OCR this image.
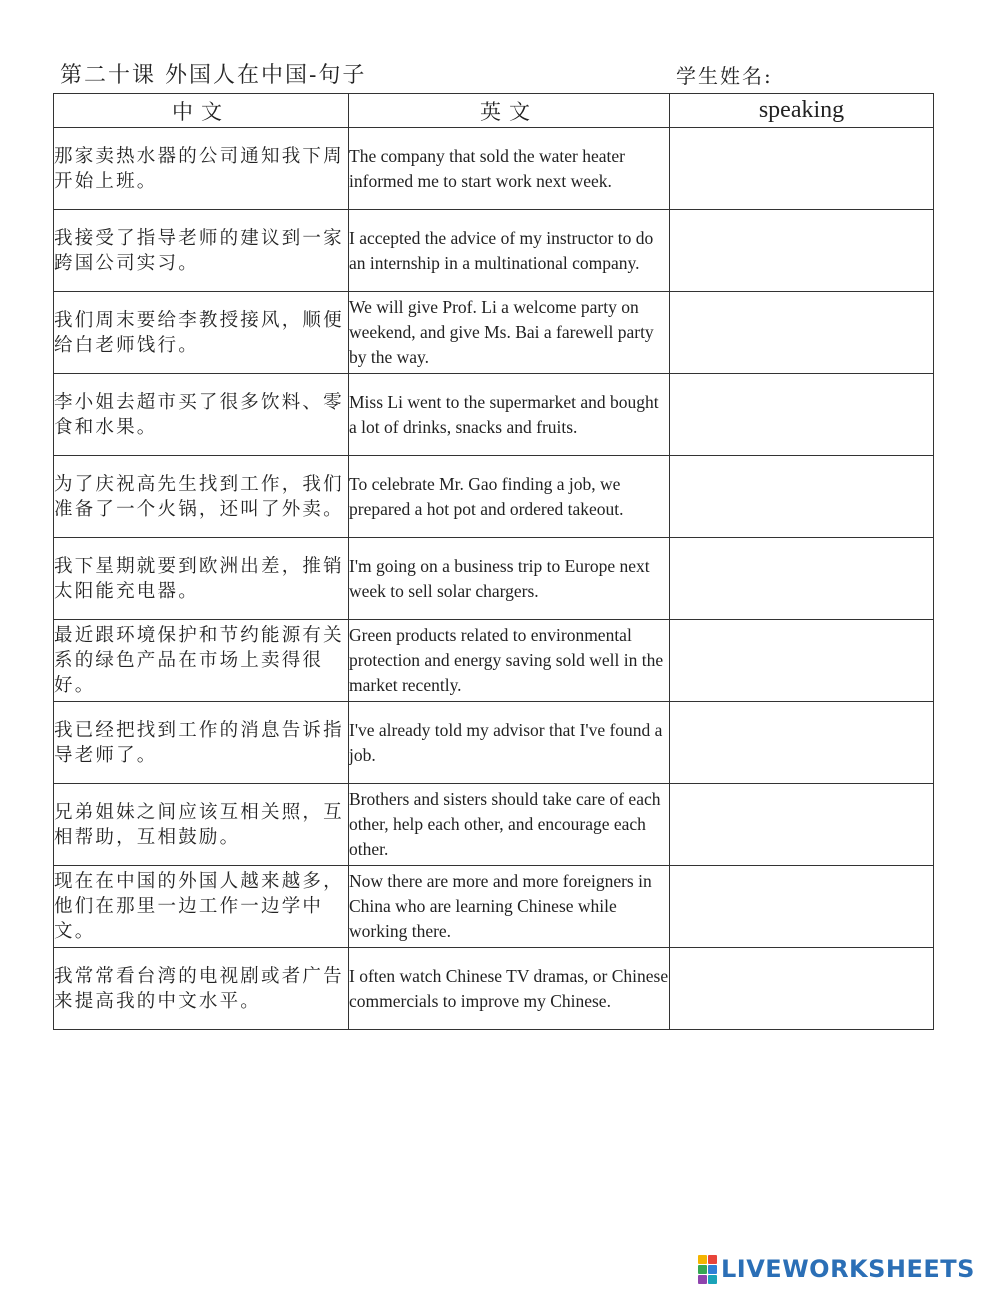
第二十课 外国人在中国-句子	学生姓名:
中文	英文	speaking
那家卖热水器的公司通知我下周开始上班。	The company that sold the water heater informed me to start work next week.	
我接受了指导老师的建议到一家跨国公司实习。	I accepted the advice of my instructor to do an internship in a multinational company.	
我们周末要给李教授接风，顺便给白老师饯行。	We will give Prof. Li a welcome party on weekend, and give Ms. Bai a farewell party by the way.	
李小姐去超市买了很多饮料、零食和水果。	Miss Li went to the supermarket and bought a lot of drinks, snacks and fruits.	
为了庆祝高先生找到工作，我们准备了一个火锅，还叫了外卖。	To celebrate Mr. Gao finding a job, we prepared a hot pot and ordered takeout.	
我下星期就要到欧洲出差，推销太阳能充电器。	I'm going on a business trip to Europe next week to sell solar chargers.	
最近跟环境保护和节约能源有关系的绿色产品在市场上卖得很好。	Green products related to environmental protection and energy saving sold well in the market recently.	
我已经把找到工作的消息告诉指导老师了。	I've already told my advisor that I've found a job.	
兄弟姐妹之间应该互相关照，互相帮助，互相鼓励。	Brothers and sisters should take care of each other, help each other, and encourage each other.	
现在在中国的外国人越来越多，他们在那里一边工作一边学中文。	Now there are more and more foreigners in China who are learning Chinese while working there.	
我常常看台湾的电视剧或者广告来提高我的中文水平。	I often watch Chinese TV dramas, or Chinese commercials to improve my Chinese.	
LIVEWORKSHEETS
